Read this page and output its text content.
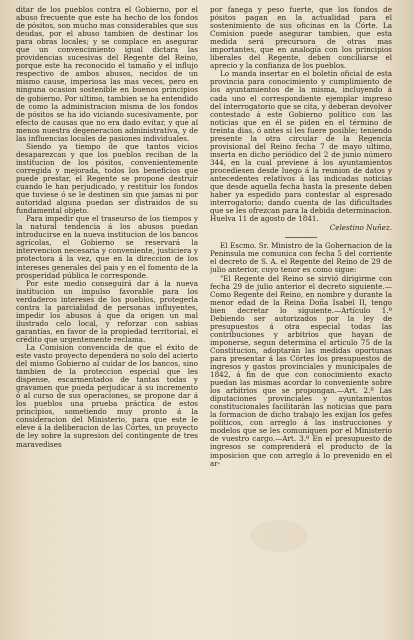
ditar de los pueblos contra el Gobierno, por el abuso frecuente que este ha hecho de los fondos de pósitos, son mucho mas considerables que sus deudas, por el abuso tambien de destinar los para obras locales; y se complace en asegurar que un convencimiento igual dictara las providencias sucesivas del Regente del Reino, porque este ha reconocido el tamaño y el influjo respectivo de ambos abusos, necidos de un mismo cause, imperiosa las mas veces, pero en ninguna ocasion sostenible en buenos principios de gobierno. Por ultimo, tambien se ha entendido de como la administracion misma de los fondos de pósitos se ha ido viciando sucesivamente, por efecto de causas que no era dado evitar, y que al menos nuestra degeneracion administrativa, y de las influencias locales de pasiones individuales.

Siendo ya tiempo de que tantos vicios desaparezcan y que los pueblos reciban de la institucion de los pósitos, convenientemente corregida y mejorada, todos los beneficios que puede prestar, el Regente se propone destruir cuando le han perjudicado, y restituir los fondos que tuviese ó se le destinen sin que jamas ni por autoridad alguna puedan ser distraidos de su fundamental objeto.

Para impedir que el traseurso de los tiempos y la natural tendencia á los abusos puedan introducirse en la nueva institucion de los bancos agrícolas, el Gobierno se reservará la intervencion necesaria y conveniente, justiciera y protectora á la vez, que en la direccion de los intereses generales del pais y en el fomento de la prosperidad pública le corresponde.

Por este medio conseguirá dar á la nueva institucion un impulso favorable para los verdaderos intereses de los pueblos, protegerla contra la parcialidad de personas influyentes, impedir los abusos á que da origen un mal ilustrado celo local, y reforzar con sabias garantías, en favor de la propiedad territorial, el crédito que urgentemente reclama.

La Comision convencida de que el éxito de este vasto proyecto dependerá no solo del acierto del mismo Gobierno al cuidar de los bancos, sino tambien de la proteccion especial que les dispense, escarmentados de tantas todas y gravamen que pueda perjudicar á su incremento ó al curso de sus operaciones, se propone dar á los pueblos una prueba práctica de estos principios, sometiendo muy pronto á la consideracion del Ministerio, para que este le eleve á la deliberacion de las Córtes, un proyecto de ley sobre la supresion del contingente de tres maravedises

por fanega y peso fuerte, que los fondos de pósitos pagan en la actualidad para el sostenimiento de sus oficinas en la Córte. La Comision puede asegurar tambien, que esta medida será precursora de otras mas importantes, que en analogía con los principios liberales del Regente, deben conciliarse el aprecio y la confianza de los pueblos.

Lo manda insertar en el boletin oficial de esta provincia para conocimiento y cumplimiento de los ayuntamientos de la misma, incluyendo á cada uno el correspondiente ejemplar impreso del interrogatorio que se cita, y deberan devolver contestado á este Gobierno político con las noticias que en él se piden en el término de treinta dias, ó antes si les fuere posible; teniendo presente la otra circular de la Regencia provisional del Reino fecha 7 de mayo ultimo, inserta en dicho periódico del 2 de junio número 344, en la cual previene á los ayuntamientos procediesen desde luego á la reunion de datos y antecedentes relativos á las indicadas noticias que desde aquella fecha hasta la presente deben haber ya espedido para contestar al espresado interrogatorio; dando cuenta de las dificultades que se les ofrezcan para la debida determinacion. Huelva 11 de agosto de 1841.

Celestino Nuñez.

El Escmo. Sr. Ministro de la Gobernacion de la Peninsula me comunica con fecha 5 del corriente el decreto de S. A. el Regente del Reino de 29 de julio anterior, cuyo tenor es como sigue:

"El Regente del Reino se sirvió dirigirme con fecha 29 de julio anterior el decreto siguiente.—Como Regente del Reino, en nombre y durante la menor edad de la Reina Doña Isabel II, tengo bien decretar lo siguiente.—Artículo 1.º Debiendo ser autorizados por la ley de presupuestos á otra especial todas las contribuciones y arbitrios que hayan de imponerse, segun determina el artículo 75 de la Constitucion, adoptarán las medidas oportunas para presentar á las Córtes los presupuestos de ingresos y gastos provinciales y municipales de 1842, á fin de que con conocimiento exacto puedan las mismas acordar lo conveniente sobre los arbitrios que se propongan.—Art. 2.º Las diputaciones provinciales y ayuntamientos constitucionales facilitarán las noticias que para la formacion de dicho trabajo les exijan los gefes políticos, con arreglo á las instrucciones y modelos que se les comuniquen por el Ministerio de vuestro cargo.—Art. 3.º En el presupuesto de ingresos se comprenderá el producto de la imposicion que con arreglo á lo prevenido en el ar-
